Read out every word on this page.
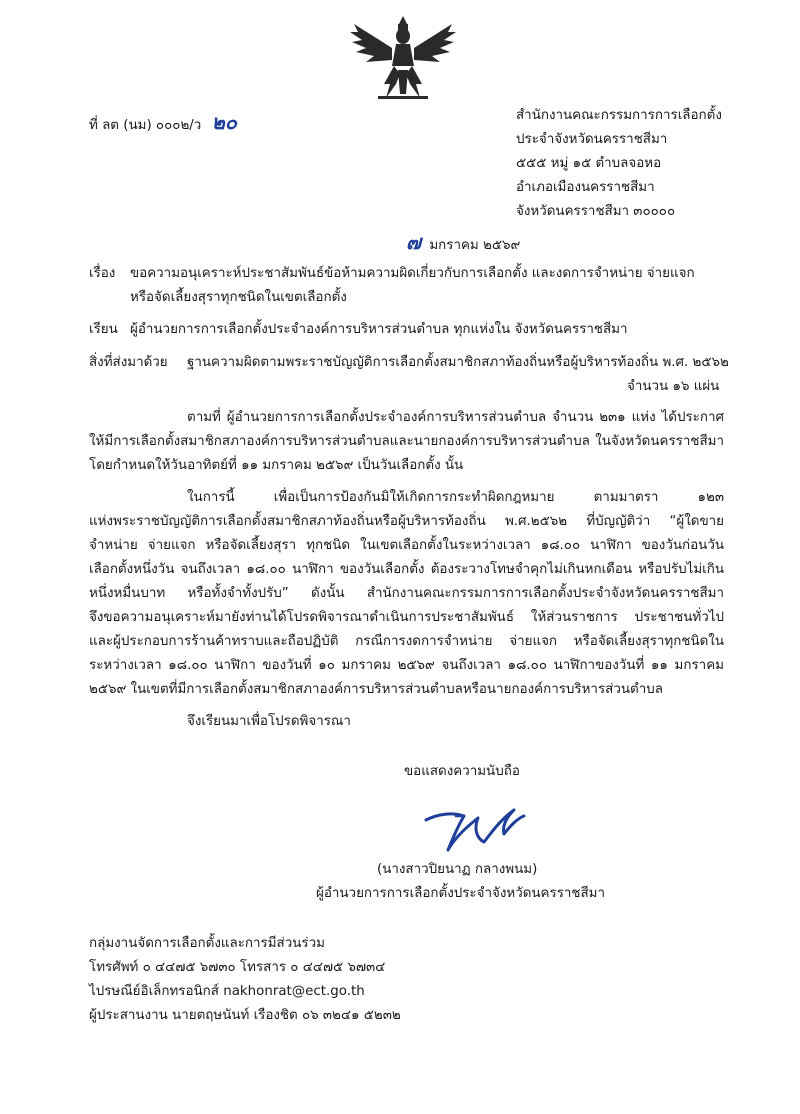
ที่ ลต (นม) ๐๐๐๒/ว ๒๐	สำนักงานคณะกรรมการการเลือกตั้ง
ประจำจังหวัดนครราชสีมา
๕๕๕ หมู่ ๑๕ ตำบลจอหอ
อำเภอเมืองนครราชสีมา
จังหวัดนครราชสีมา ๓๐๐๐๐
๗ มกราคม ๒๕๖๙
เรื่อง ขอความอนุเคราะห์ประชาสัมพันธ์ข้อห้ามความผิดเกี่ยวกับการเลือกตั้ง และงดการจำหน่าย จ่ายแจก
หรือจัดเลี้ยงสุราทุกชนิดในเขตเลือกตั้ง
เรียน ผู้อำนวยการการเลือกตั้งประจำองค์การบริหารส่วนตำบล ทุกแห่งใน จังหวัดนครราชสีมา
สิ่งที่ส่งมาด้วย ฐานความผิดตามพระราชบัญญัติการเลือกตั้งสมาชิกสภาท้องถิ่นหรือผู้บริหารท้องถิ่น พ.ศ. ๒๕๖๒
จำนวน ๑๖ แผ่น
ตามที่ ผู้อำนวยการการเลือกตั้งประจำองค์การบริหารส่วนตำบล จำนวน ๒๓๑ แห่ง ได้ประกาศ
ให้มีการเลือกตั้งสมาชิกสภาองค์การบริหารส่วนตำบลและนายกองค์การบริหารส่วนตำบล ในจังหวัดนครราชสีมา
โดยกำหนดให้วันอาทิตย์ที่ ๑๑ มกราคม ๒๕๖๙ เป็นวันเลือกตั้ง นั้น
ในการนี้ เพื่อเป็นการป้องกันมิให้เกิดการกระทำผิดกฎหมาย ตามมาตรา ๑๒๓
แห่งพระราชบัญญัติการเลือกตั้งสมาชิกสภาท้องถิ่นหรือผู้บริหารท้องถิ่น พ.ศ.๒๕๖๒ ที่บัญญัติว่า “ผู้ใดขาย
จำหน่าย จ่ายแจก หรือจัดเลี้ยงสุรา ทุกชนิด ในเขตเลือกตั้งในระหว่างเวลา ๑๘.๐๐ นาฬิกา ของวันก่อนวัน
เลือกตั้งหนึ่งวัน จนถึงเวลา ๑๘.๐๐ นาฬิกา ของวันเลือกตั้ง ต้องระวางโทษจำคุกไม่เกินหกเดือน หรือปรับไม่เกิน
หนึ่งหมื่นบาท หรือทั้งจำทั้งปรับ” ดังนั้น สำนักงานคณะกรรมการการเลือกตั้งประจำจังหวัดนครราชสีมา
จึงขอความอนุเคราะห์มายังท่านได้โปรดพิจารณาดำเนินการประชาสัมพันธ์ ให้ส่วนราชการ ประชาชนทั่วไป
และผู้ประกอบการร้านค้าทราบและถือปฏิบัติ กรณีการงดการจำหน่าย จ่ายแจก หรือจัดเลี้ยงสุราทุกชนิดใน
ระหว่างเวลา ๑๘.๐๐ นาฬิกา ของวันที่ ๑๐ มกราคม ๒๕๖๙ จนถึงเวลา ๑๘.๐๐ นาฬิกาของวันที่ ๑๑ มกราคม
๒๕๖๙ ในเขตที่มีการเลือกตั้งสมาชิกสภาองค์การบริหารส่วนตำบลหรือนายกองค์การบริหารส่วนตำบล
จึงเรียนมาเพื่อโปรดพิจารณา
ขอแสดงความนับถือ
(นางสาวปิยนาฏ กลางพนม)
ผู้อำนวยการการเลือกตั้งประจำจังหวัดนครราชสีมา
กลุ่มงานจัดการเลือกตั้งและการมีส่วนร่วม
โทรศัพท์ ๐ ๔๔๗๕ ๖๗๓๐ โทรสาร ๐ ๔๔๗๕ ๖๗๓๔
ไปรษณีย์อิเล็กทรอนิกส์ nakhonrat@ect.go.th
ผู้ประสานงาน นายตฤษนันท์ เรืองชิต ๐๖ ๓๒๔๑ ๕๒๓๒
